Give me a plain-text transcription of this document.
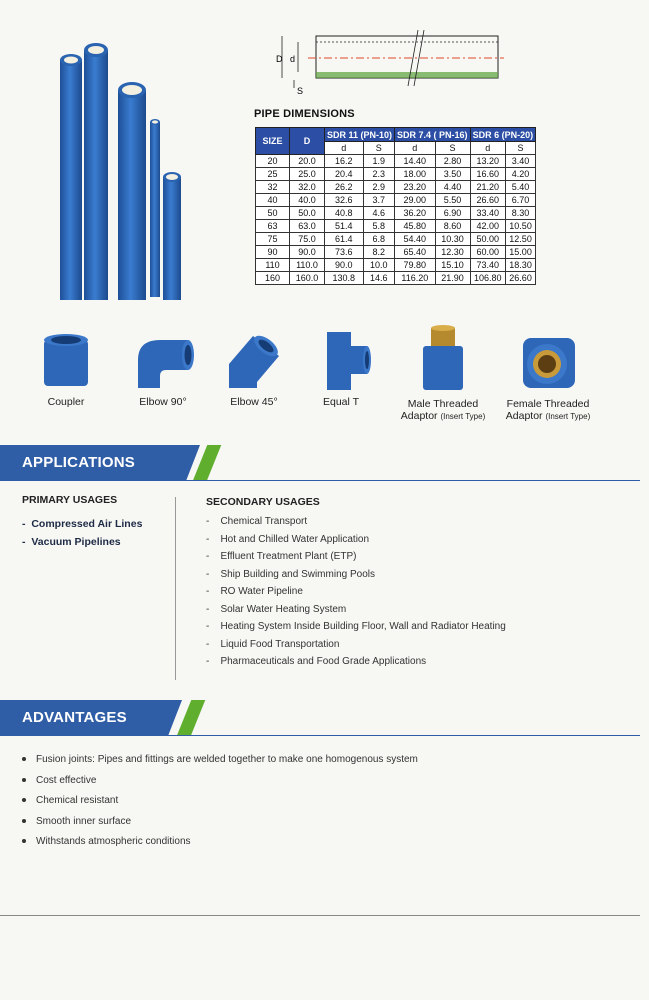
D d
S
PIPE DIMENSIONS
SIZE	D	SDR 11 (PN-10)		SDR 7.4 ( PN-16)		SDR 6 (PN-20)	
		d	S	d	S	d	S
20	20.0	16.2	1.9	14.40	2.80	13.20	3.40
25	25.0	20.4	2.3	18.00	3.50	16.60	4.20
32	32.0	26.2	2.9	23.20	4.40	21.20	5.40
40	40.0	32.6	3.7	29.00	5.50	26.60	6.70
50	50.0	40.8	4.6	36.20	6.90	33.40	8.30
63	63.0	51.4	5.8	45.80	8.60	42.00	10.50
75	75.0	61.4	6.8	54.40	10.30	50.00	12.50
90	90.0	73.6	8.2	65.40	12.30	60.00	15.00
110	110.0	90.0	10.0	79.80	15.10	73.40	18.30
160	160.0	130.8	14.6	116.20	21.90	106.80	26.60
Coupler	Elbow 90°	Elbow 45°	Equal T	Male Threaded
Adaptor (Insert Type)
Female Threaded
Adaptor (Insert Type)
APPLICATIONS
PRIMARY USAGES
-  Compressed Air Lines
-  Vacuum Pipelines
SECONDARY USAGES
-    Chemical Transport
-    Hot and Chilled Water Application
-    Effluent Treatment Plant (ETP)
-    Ship Building and Swimming Pools
-    RO Water Pipeline
-    Solar Water Heating System
-    Heating System Inside Building Floor, Wall and Radiator Heating
-    Liquid Food Transportation
-    Pharmaceuticals and Food Grade Applications
ADVANTAGES
Fusion joints: Pipes and fittings are welded together to make one homogenous system
Cost effective
Chemical resistant
Smooth inner surface
Withstands atmospheric conditions
